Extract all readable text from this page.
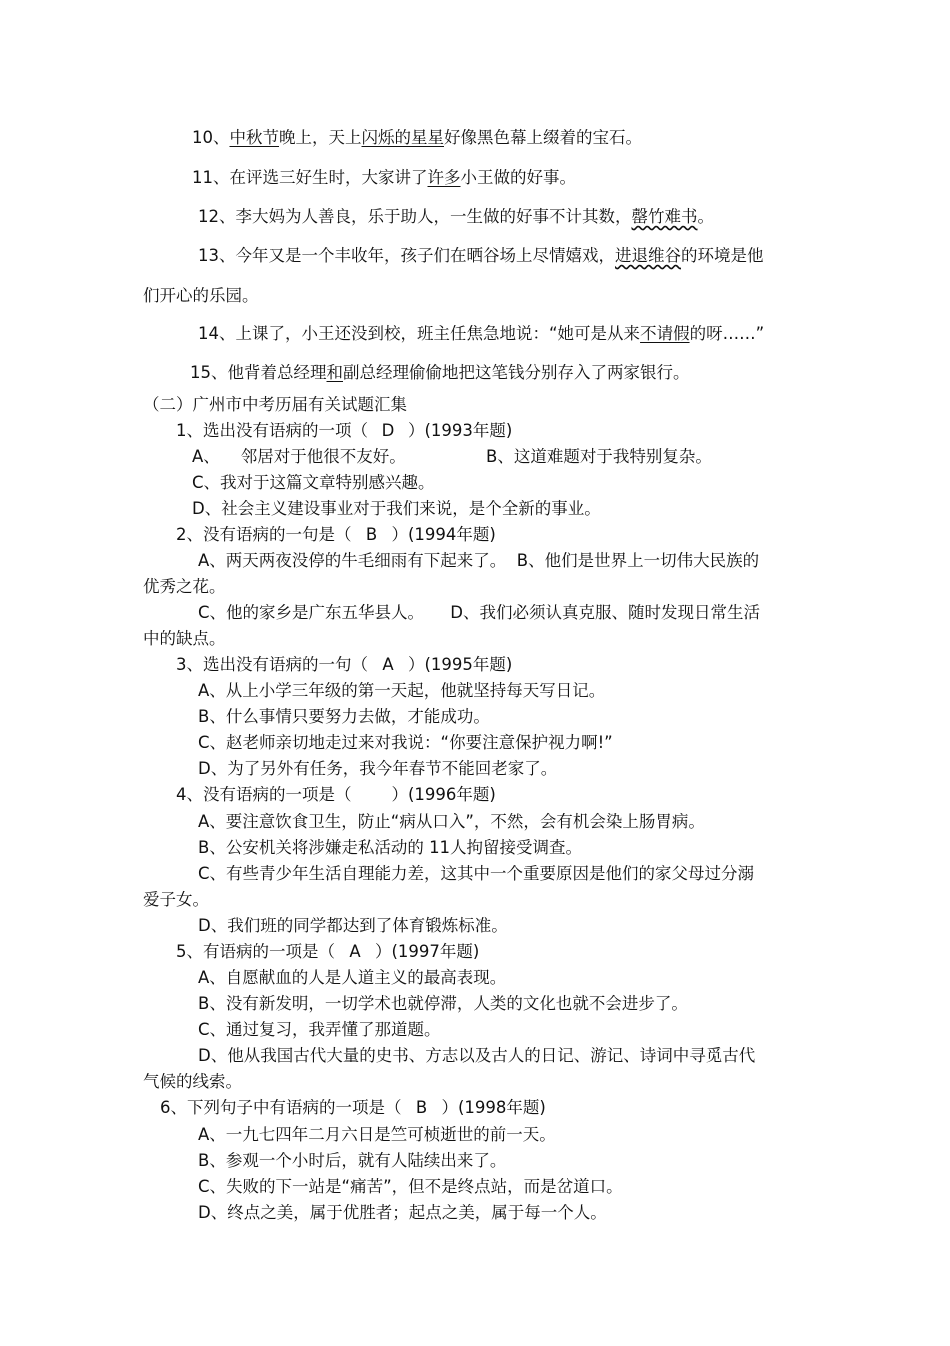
10、中秋节晚上，天上闪烁的星星好像黑色幕上缀着的宝石。
11、在评选三好生时，大家讲了许多小王做的好事。
12、李大妈为人善良，乐于助人，一生做的好事不计其数，罄竹难书。
13、今年又是一个丰收年，孩子们在晒谷场上尽情嬉戏，进退维谷的环境是他
们开心的乐园。
14、上课了，小王还没到校，班主任焦急地说：“她可是从来不请假的呀……”
15、他背着总经理和副总经理偷偷地把这笔钱分别存入了两家银行。
（二）广州市中考历届有关试题汇集
1、选出没有语病的一项（ D ）(1993年题)
A、    邻居对于他很不友好。	B、这道难题对于我特别复杂。
C、我对于这篇文章特别感兴趣。
D、社会主义建设事业对于我们来说，是个全新的事业。
2、没有语病的一句是（ B ）(1994年题)
A、两天两夜没停的牛毛细雨有下起来了。  B、他们是世界上一切伟大民族的
优秀之花。
C、他的家乡是广东五华县人。     D、我们必须认真克服、随时发现日常生活
中的缺点。
3、选出没有语病的一句（ A ）(1995年题)
A、从上小学三年级的第一天起，他就坚持每天写日记。
B、什么事情只要努力去做，才能成功。
C、赵老师亲切地走过来对我说：“你要注意保护视力啊!”
D、为了另外有任务，我今年春节不能回老家了。
4、没有语病的一项是（ ）(1996年题)
A、要注意饮食卫生，防止“病从口入”，不然，会有机会染上肠胃病。
B、公安机关将涉嫌走私活动的 11人拘留接受调查。
C、有些青少年生活自理能力差，这其中一个重要原因是他们的家父母过分溺
爱子女。
D、我们班的同学都达到了体育锻炼标准。
5、有语病的一项是（ A ）(1997年题)
A、自愿献血的人是人道主义的最高表现。
B、没有新发明，一切学术也就停滞，人类的文化也就不会进步了。
C、通过复习，我弄懂了那道题。
D、他从我国古代大量的史书、方志以及古人的日记、游记、诗词中寻觅古代
气候的线索。
6、下列句子中有语病的一项是（ B ）(1998年题)
A、一九七四年二月六日是竺可桢逝世的前一天。
B、参观一个小时后，就有人陆续出来了。
C、失败的下一站是“痛苦”，但不是终点站，而是岔道口。
D、终点之美，属于优胜者；起点之美，属于每一个人。
